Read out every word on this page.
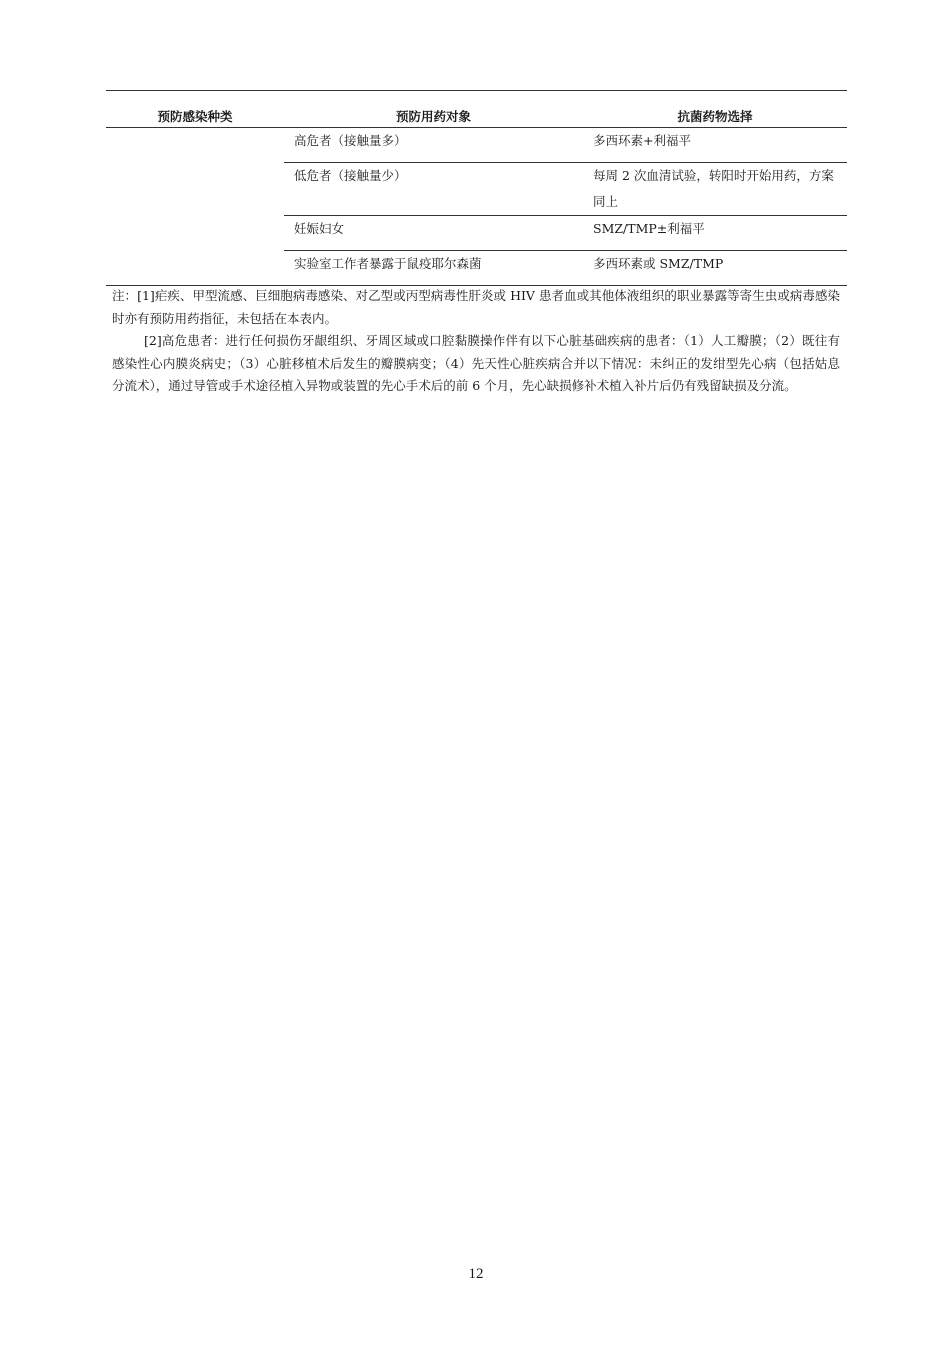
预防感染种类	预防用药对象	抗菌药物选择
	高危者（接触量多）	多西环素+利福平
	低危者（接触量少）	每周 2 次血清试验，转阳时开始用药，方案同上
	妊娠妇女	SMZ/TMP±利福平
	实验室工作者暴露于鼠疫耶尔森菌	多西环素或 SMZ/TMP

注：[1]疟疾、甲型流感、巨细胞病毒感染、对乙型或丙型病毒性肝炎或 HIV 患者血或其他体液组织的职业暴露等寄生虫或病毒感染时亦有预防用药指征，未包括在本表内。

[2]高危患者：进行任何损伤牙龈组织、牙周区域或口腔黏膜操作伴有以下心脏基础疾病的患者：（1）人工瓣膜；（2）既往有感染性心内膜炎病史；（3）心脏移植术后发生的瓣膜病变；（4）先天性心脏疾病合并以下情况：未纠正的发绀型先心病（包括姑息分流术），通过导管或手术途径植入异物或装置的先心手术后的前 6 个月，先心缺损修补术植入补片后仍有残留缺损及分流。

12
